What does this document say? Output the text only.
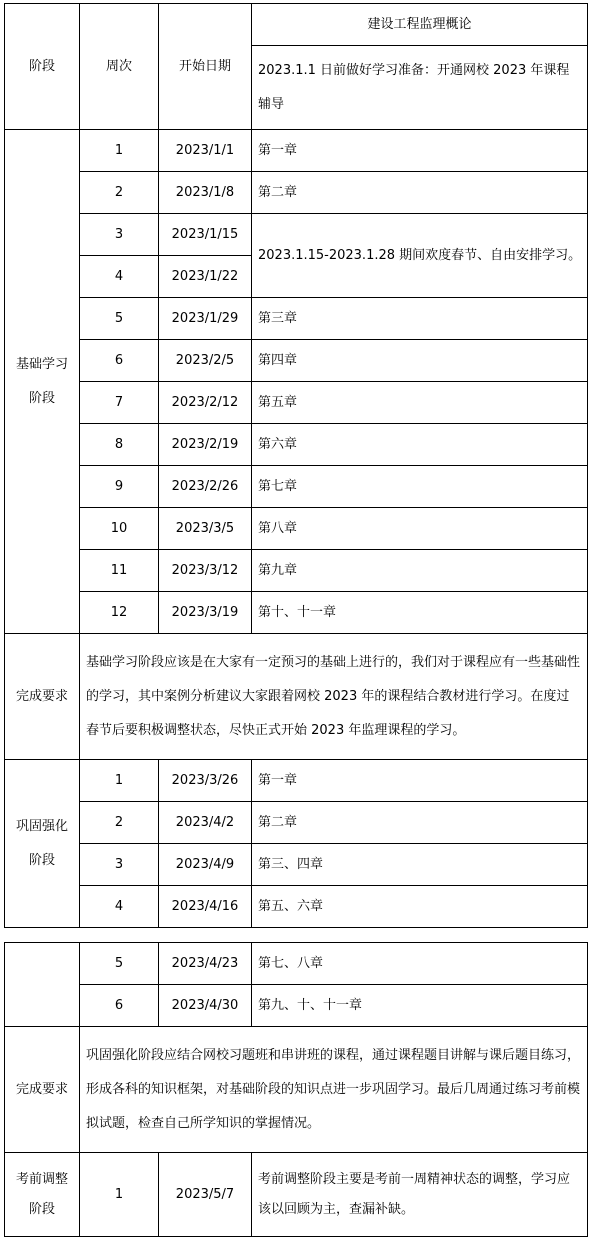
阶段	周次	开始日期	建设工程监理概论
			2023.1.1 日前做好学习准备：开通网校 2023 年课程辅导

基础学习
阶段	1	2023/1/1	第一章
	2	2023/1/8	第二章
	3	2023/1/15	2023.1.15-2023.1.28 期间欢度春节、自由安排学习。
	4	2023/1/22	
	5	2023/1/29	第三章
	6	2023/2/5	第四章
	7	2023/2/12	第五章
	8	2023/2/19	第六章
	9	2023/2/26	第七章
	10	2023/3/5	第八章
	11	2023/3/12	第九章
	12	2023/3/19	第十、十一章
完成要求	基础学习阶段应该是在大家有一定预习的基础上进行的，我们对于课程应有一些基础性的学习，其中案例分析建议大家跟着网校 2023 年的课程结合教材进行学习。在度过春节后要积极调整状态，尽快正式开始 2023 年监理课程的学习。		

巩固强化
阶段	1	2023/3/26	第一章
	2	2023/4/2	第二章
	3	2023/4/9	第三、四章
	4	2023/4/16	第五、六章
	5	2023/4/23	第七、八章
	6	2023/4/30	第九、十、十一章
完成要求	巩固强化阶段应结合网校习题班和串讲班的课程，通过课程题目讲解与课后题目练习，形成各科的知识框架，对基础阶段的知识点进一步巩固学习。最后几周通过练习考前模拟试题，检查自己所学知识的掌握情况。		

考前调整
阶段	1	2023/5/7	考前调整阶段主要是考前一周精神状态的调整，学习应该以回顾为主，查漏补缺。
